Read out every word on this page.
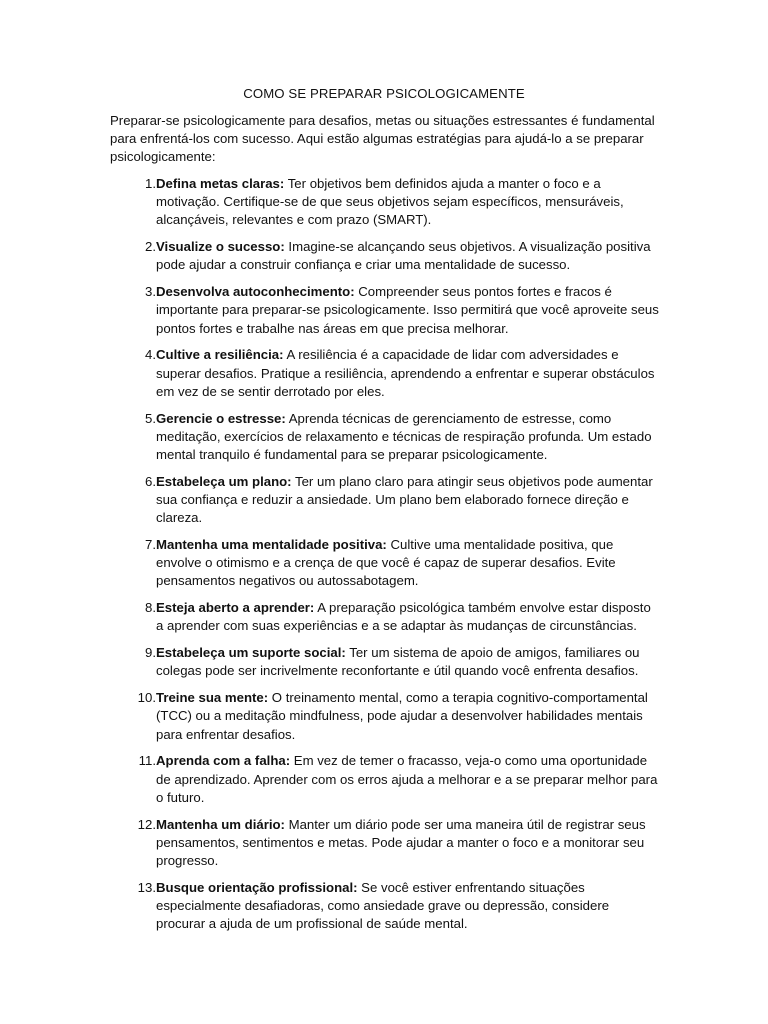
COMO SE PREPARAR PSICOLOGICAMENTE

Preparar-se psicologicamente para desafios, metas ou situações estressantes é fundamental para enfrentá-los com sucesso. Aqui estão algumas estratégias para ajudá-lo a se preparar psicologicamente:

1. Defina metas claras: Ter objetivos bem definidos ajuda a manter o foco e a motivação. Certifique-se de que seus objetivos sejam específicos, mensuráveis, alcançáveis, relevantes e com prazo (SMART).
2. Visualize o sucesso: Imagine-se alcançando seus objetivos. A visualização positiva pode ajudar a construir confiança e criar uma mentalidade de sucesso.
3. Desenvolva autoconhecimento: Compreender seus pontos fortes e fracos é importante para preparar-se psicologicamente. Isso permitirá que você aproveite seus pontos fortes e trabalhe nas áreas em que precisa melhorar.
4. Cultive a resiliência: A resiliência é a capacidade de lidar com adversidades e superar desafios. Pratique a resiliência, aprendendo a enfrentar e superar obstáculos em vez de se sentir derrotado por eles.
5. Gerencie o estresse: Aprenda técnicas de gerenciamento de estresse, como meditação, exercícios de relaxamento e técnicas de respiração profunda. Um estado mental tranquilo é fundamental para se preparar psicologicamente.
6. Estabeleça um plano: Ter um plano claro para atingir seus objetivos pode aumentar sua confiança e reduzir a ansiedade. Um plano bem elaborado fornece direção e clareza.
7. Mantenha uma mentalidade positiva: Cultive uma mentalidade positiva, que envolve o otimismo e a crença de que você é capaz de superar desafios. Evite pensamentos negativos ou autossabotagem.
8. Esteja aberto a aprender: A preparação psicológica também envolve estar disposto a aprender com suas experiências e a se adaptar às mudanças de circunstâncias.
9. Estabeleça um suporte social: Ter um sistema de apoio de amigos, familiares ou colegas pode ser incrivelmente reconfortante e útil quando você enfrenta desafios.
10. Treine sua mente: O treinamento mental, como a terapia cognitivo-comportamental (TCC) ou a meditação mindfulness, pode ajudar a desenvolver habilidades mentais para enfrentar desafios.
11. Aprenda com a falha: Em vez de temer o fracasso, veja-o como uma oportunidade de aprendizado. Aprender com os erros ajuda a melhorar e a se preparar melhor para o futuro.
12. Mantenha um diário: Manter um diário pode ser uma maneira útil de registrar seus pensamentos, sentimentos e metas. Pode ajudar a manter o foco e a monitorar seu progresso.
13. Busque orientação profissional: Se você estiver enfrentando situações especialmente desafiadoras, como ansiedade grave ou depressão, considere procurar a ajuda de um profissional de saúde mental.
